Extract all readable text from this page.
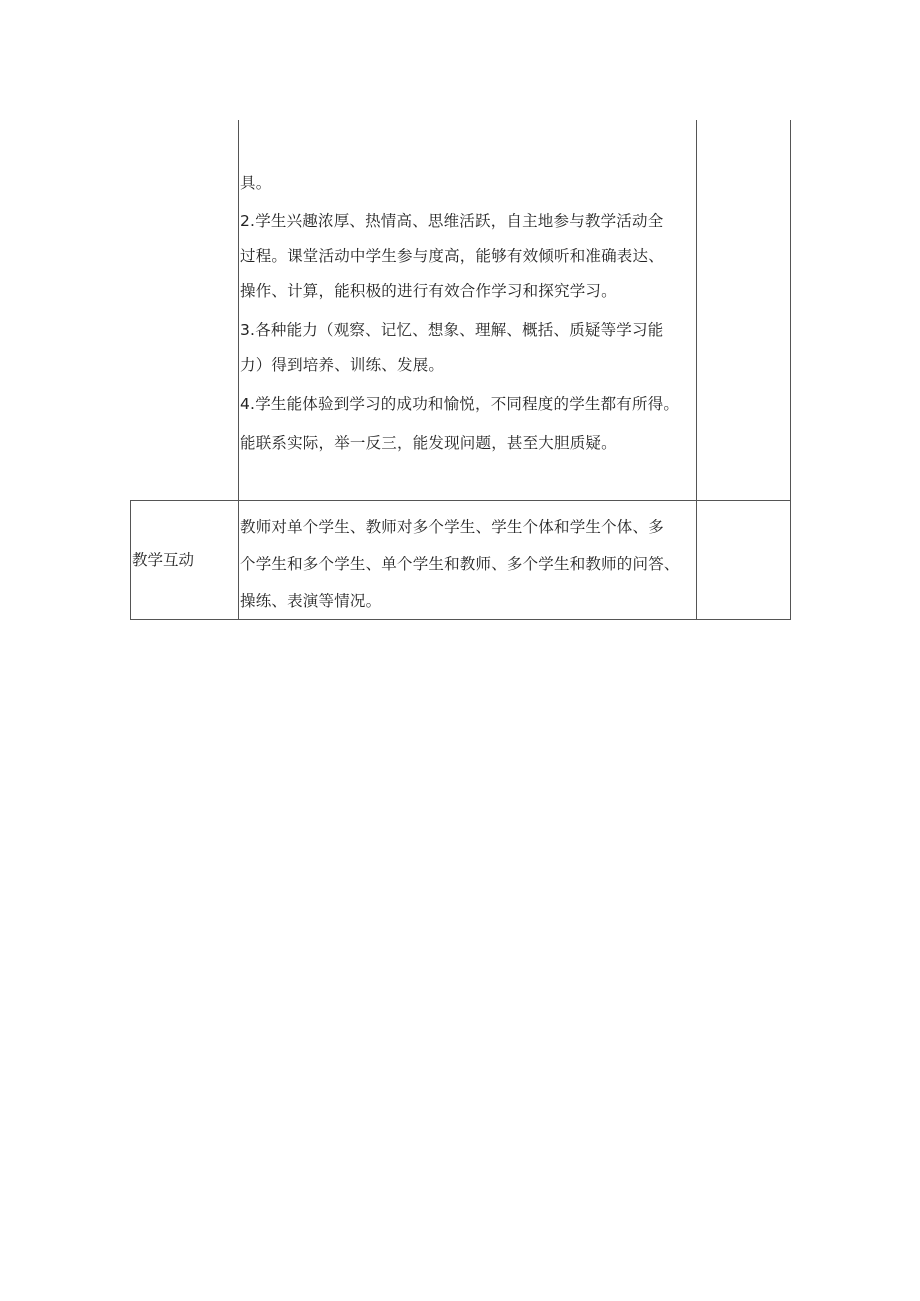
具。
2.学生兴趣浓厚、热情高、思维活跃，自主地参与教学活动全
过程。课堂活动中学生参与度高，能够有效倾听和准确表达、
操作、计算，能积极的进行有效合作学习和探究学习。
3.各种能力（观察、记忆、想象、理解、概括、质疑等学习能
力）得到培养、训练、发展。
4.学生能体验到学习的成功和愉悦，不同程度的学生都有所得。
能联系实际，举一反三，能发现问题，甚至大胆质疑。
教学互动
教师对单个学生、教师对多个学生、学生个体和学生个体、多
个学生和多个学生、单个学生和教师、多个学生和教师的问答、
操练、表演等情况。
